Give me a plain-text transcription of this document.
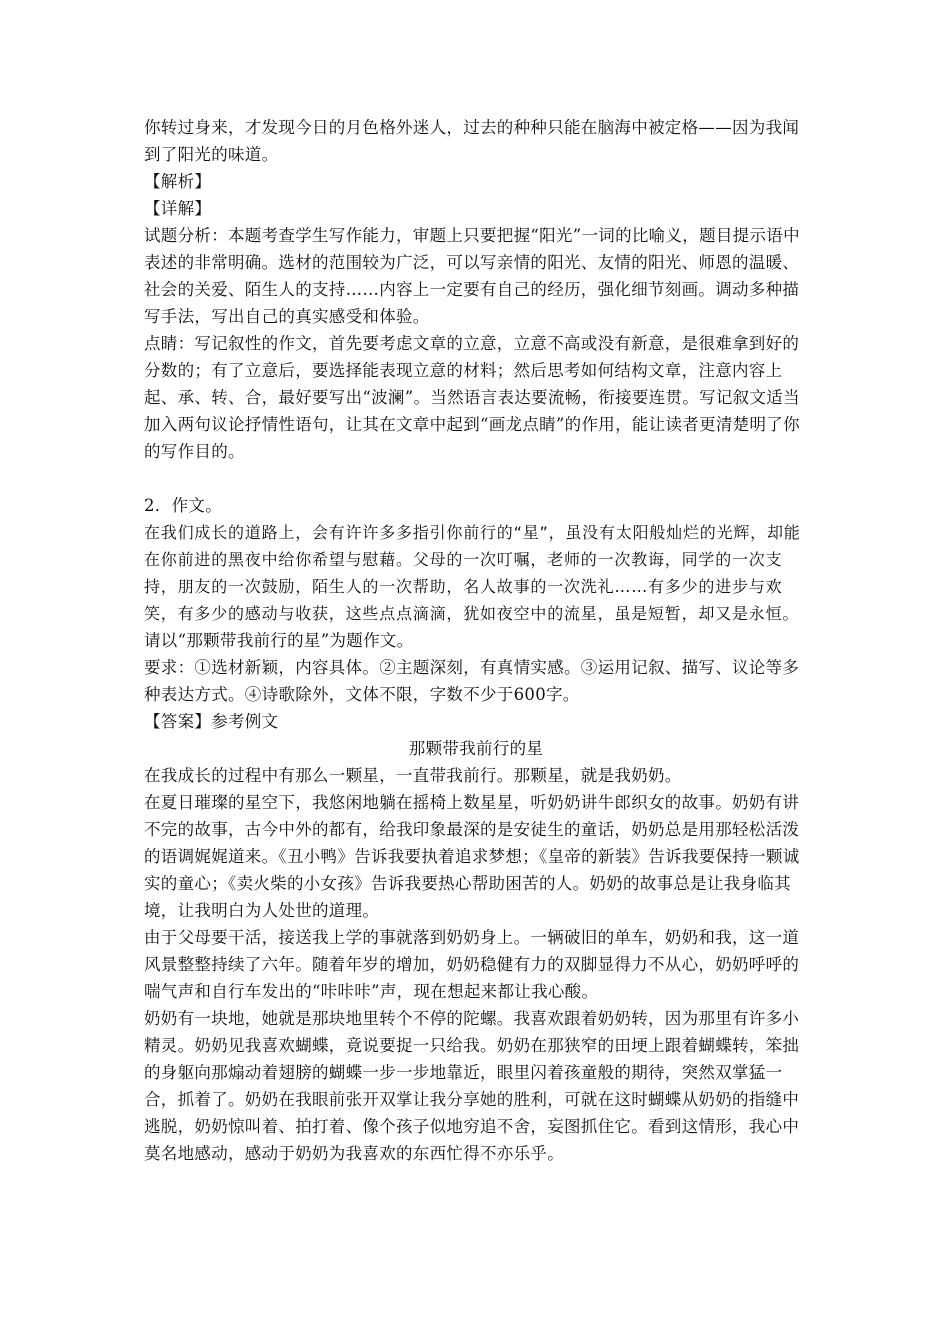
你转过身来，才发现今日的月色格外迷人，过去的种种只能在脑海中被定格——因为我闻到了阳光的味道。

【解析】

【详解】

试题分析：本题考查学生写作能力，审题上只要把握“阳光”一词的比喻义，题目提示语中表述的非常明确。选材的范围较为广泛，可以写亲情的阳光、友情的阳光、师恩的温暖、社会的关爱、陌生人的支持……内容上一定要有自己的经历，强化细节刻画。调动多种描写手法，写出自己的真实感受和体验。

点睛：写记叙性的作文，首先要考虑文章的立意，立意不高或没有新意，是很难拿到好的分数的；有了立意后，要选择能表现立意的材料；然后思考如何结构文章，注意内容上起、承、转、合，最好要写出“波澜”。当然语言表达要流畅，衔接要连贯。写记叙文适当加入两句议论抒情性语句，让其在文章中起到“画龙点睛”的作用，能让读者更清楚明了你的写作目的。

2．作文。

在我们成长的道路上，会有许许多多指引你前行的“星”，虽没有太阳般灿烂的光辉，却能在你前进的黑夜中给你希望与慰藉。父母的一次叮嘱，老师的一次教诲，同学的一次支持，朋友的一次鼓励，陌生人的一次帮助，名人故事的一次洗礼……有多少的进步与欢笑，有多少的感动与收获，这些点点滴滴，犹如夜空中的流星，虽是短暂，却又是永恒。

请以“那颗带我前行的星”为题作文。

要求：①选材新颖，内容具体。②主题深刻，有真情实感。③运用记叙、描写、议论等多种表达方式。④诗歌除外，文体不限，字数不少于600字。

【答案】参考例文

那颗带我前行的星

在我成长的过程中有那么一颗星，一直带我前行。那颗星，就是我奶奶。

在夏日璀璨的星空下，我悠闲地躺在摇椅上数星星，听奶奶讲牛郎织女的故事。奶奶有讲不完的故事，古今中外的都有，给我印象最深的是安徒生的童话，奶奶总是用那轻松活泼的语调娓娓道来。《丑小鸭》告诉我要执着追求梦想；《皇帝的新装》告诉我要保持一颗诚实的童心；《卖火柴的小女孩》告诉我要热心帮助困苦的人。奶奶的故事总是让我身临其境，让我明白为人处世的道理。

由于父母要干活，接送我上学的事就落到奶奶身上。一辆破旧的单车，奶奶和我，这一道风景整整持续了六年。随着年岁的增加，奶奶稳健有力的双脚显得力不从心，奶奶呼呼的喘气声和自行车发出的“咔咔咔”声，现在想起来都让我心酸。

奶奶有一块地，她就是那块地里转个不停的陀螺。我喜欢跟着奶奶转，因为那里有许多小精灵。奶奶见我喜欢蝴蝶，竟说要捉一只给我。奶奶在那狭窄的田埂上跟着蝴蝶转，笨拙的身躯向那煽动着翅膀的蝴蝶一步一步地靠近，眼里闪着孩童般的期待，突然双掌猛一合，抓着了。奶奶在我眼前张开双掌让我分享她的胜利，可就在这时蝴蝶从奶奶的指缝中逃脱，奶奶惊叫着、拍打着、像个孩子似地穷追不舍，妄图抓住它。看到这情形，我心中莫名地感动，感动于奶奶为我喜欢的东西忙得不亦乐乎。
